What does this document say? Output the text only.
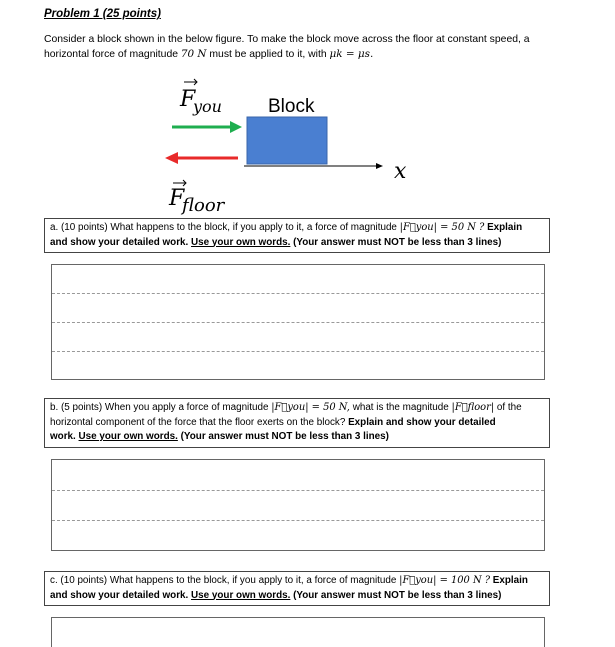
Problem 1 (25 points)
Consider a block shown in the below figure. To make the block move across the floor at constant speed, a
horizontal force of magnitude 70 N must be applied to it, with μk = μs.
F
you Block
x
F
floor
a. (10 points) What happens to the block, if you apply to it, a force of magnitude |F⃗you| = 50 N ? Explain
and show your detailed work. Use your own words. (Your answer must NOT be less than 3 lines)
b. (5 points) When you apply a force of magnitude |F⃗you| = 50 N, what is the magnitude |F⃗floor| of the
horizontal component of the force that the floor exerts on the block? Explain and show your detailed
work. Use your own words. (Your answer must NOT be less than 3 lines)
c. (10 points) What happens to the block, if you apply to it, a force of magnitude |F⃗you| = 100 N ? Explain
and show your detailed work. Use your own words. (Your answer must NOT be less than 3 lines)
